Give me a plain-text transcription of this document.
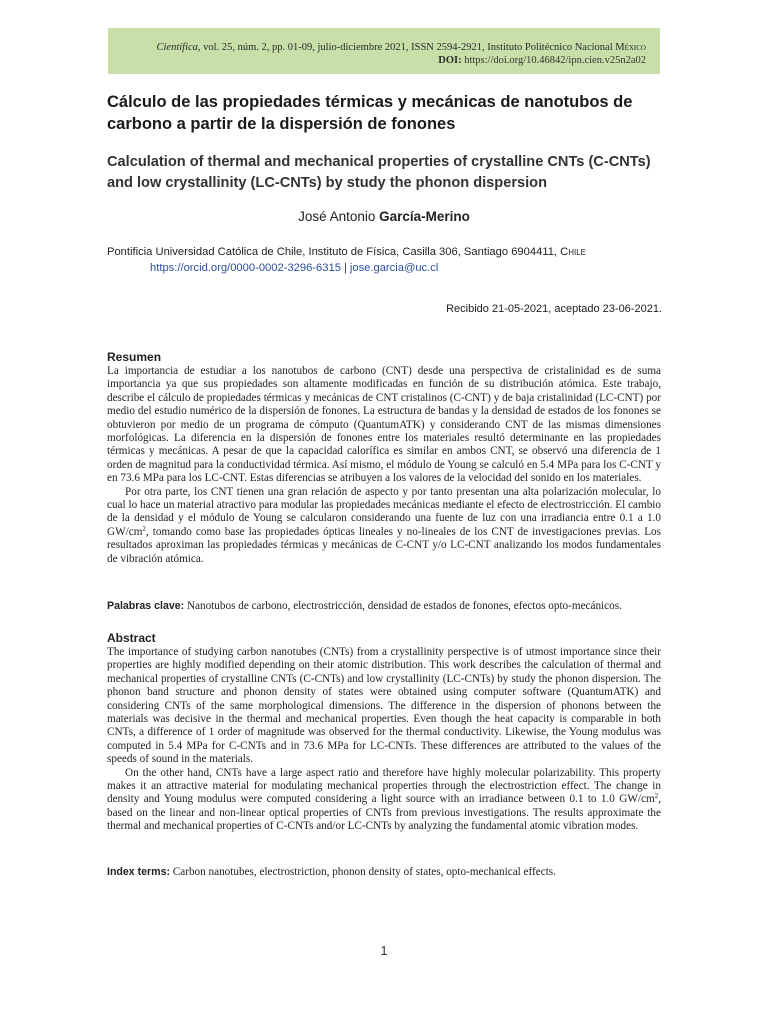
Científica, vol. 25, núm. 2, pp. 01-09, julio-diciembre 2021, ISSN 2594-2921, Instituto Politécnico Nacional México
DOI: https://doi.org/10.46842/ipn.cien.v25n2a02
Cálculo de las propiedades térmicas y mecánicas de nanotubos de carbono a partir de la dispersión de fonones
Calculation of thermal and mechanical properties of crystalline CNTs (C-CNTs) and low crystallinity (LC-CNTs) by study the phonon dispersion
José Antonio García-Merino
Pontificia Universidad Católica de Chile, Instituto de Física, Casilla 306, Santiago 6904411, Chile
https://orcid.org/0000-0002-3296-6315 | jose.garcia@uc.cl
Recibido 21-05-2021, aceptado 23-06-2021.
Resumen

La importancia de estudiar a los nanotubos de carbono (CNT) desde una perspectiva de cristalinidad es de suma importancia ya que sus propiedades son altamente modificadas en función de su distribución atómica. Este trabajo, describe el cálculo de propiedades térmicas y mecánicas de CNT cristalinos (C-CNT) y de baja cristalinidad (LC-CNT) por medio del estudio numérico de la dispersión de fonones. La estructura de bandas y la densidad de estados de los fonones se obtuvieron por medio de un programa de cómputo (QuantumATK) y considerando CNT de las mismas dimensiones morfológicas. La diferencia en la dispersión de fonones entre los materiales resultó determinante en las propiedades térmicas y mecánicas. A pesar de que la capacidad calorífica es similar en ambos CNT, se observó una diferencia de 1 orden de magnitud para la conductividad térmica. Así mismo, el módulo de Young se calculó en 5.4 MPa para los C-CNT y en 73.6 MPa para los LC-CNT. Estas diferencias se atribuyen a los valores de la velocidad del sonido en los materiales.

Por otra parte, los CNT tienen una gran relación de aspecto y por tanto presentan una alta polarización molecular, lo cual lo hace un material atractivo para modular las propiedades mecánicas mediante el efecto de electrostricción. El cambio de la densidad y el módulo de Young se calcularon considerando una fuente de luz con una irradiancia entre 0.1 a 1.0 $GW/cm^2$, tomando como base las propiedades ópticas lineales y no-lineales de los CNT de investigaciones previas. Los resultados aproximan las propiedades térmicas y mecánicas de C-CNT y/o LC-CNT analizando los modos fundamentales de vibración atómica.

Palabras clave: Nanotubos de carbono, electrostricción, densidad de estados de fonones, efectos opto-mecánicos.
Abstract

The importance of studying carbon nanotubes (CNTs) from a crystallinity perspective is of utmost importance since their properties are highly modified depending on their atomic distribution. This work describes the calculation of thermal and mechanical properties of crystalline CNTs (C-CNTs) and low crystallinity (LC-CNTs) by study the phonon dispersion. The phonon band structure and phonon density of states were obtained using computer software (QuantumATK) and considering CNTs of the same morphological dimensions. The difference in the dispersion of phonons between the materials was decisive in the thermal and mechanical properties. Even though the heat capacity is comparable in both CNTs, a difference of 1 order of magnitude was observed for the thermal conductivity. Likewise, the Young modulus was computed in 5.4 MPa for C-CNTs and in 73.6 MPa for LC-CNTs. These differences are attributed to the values of the speeds of sound in the materials.

On the other hand, CNTs have a large aspect ratio and therefore have highly molecular polarizability. This property makes it an attractive material for modulating mechanical properties through the electrostriction effect. The change in density and Young modulus were computed considering a light source with an irradiance between 0.1 to 1.0 $GW/cm^2$, based on the linear and non-linear optical properties of CNTs from previous investigations. The results approximate the thermal and mechanical properties of C-CNTs and/or LC-CNTs by analyzing the fundamental atomic vibration modes.

Index terms: Carbon nanotubes, electrostriction, phonon density of states, opto-mechanical effects.
1
